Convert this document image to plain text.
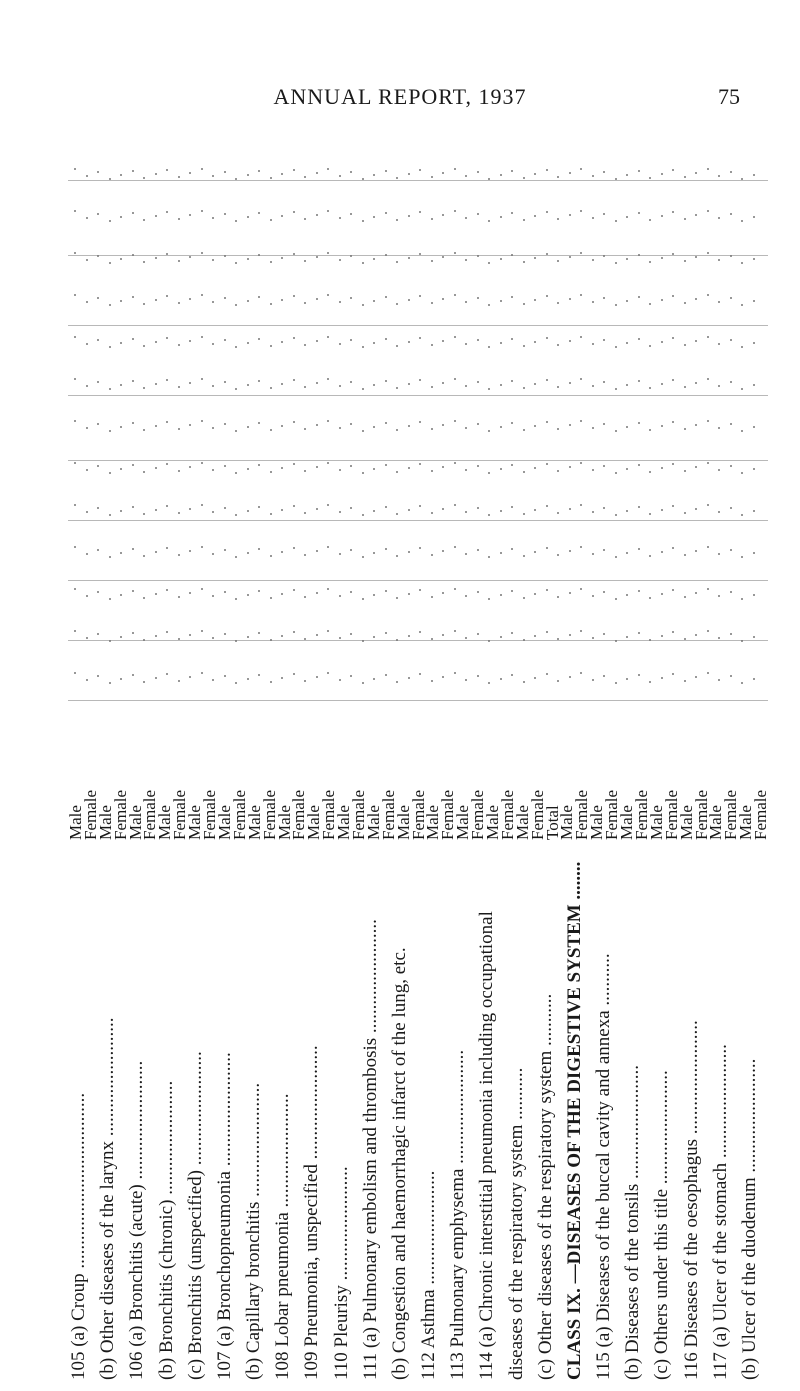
ANNUAL REPORT, 1937	75
105 (a) Croup ..................................... (b) Other diseases of the larynx ......................... 106 (a) Bronchitis (acute) ......................... (b) Bronchitis (chronic) ........................ (c) Bronchitis (unspecified) ........................ 107 (a) Bronchopneumonia ........................ (b) Capillary bronchitis ........................ 108 Lobar pneumonia ........................ 109 Pneumonia, unspecified ........................ 110 Pleurisy ........................ 111 (a) Pulmonary embolism and thrombosis ........................ (b) Congestion and haemorrhagic infarct of the lung, etc. 112 Asthma ........................ 113 Pulmonary emphysema ........................ 114 (a) Chronic interstitial pneumonia including occupational diseases of the respiratory system ........... (c) Other diseases of the respiratory system ........... CLASS IX. —DISEASES OF THE DIGESTIVE SYSTEM ........ 115 (a) Diseases of the buccal cavity and annexa ........... (b) Diseases of the tonsils ........................ (c) Others under this title ........................ 116 Diseases of the oesophagus ........................ 117 (a) Ulcer of the stomach ........................ (b) Ulcer of the duodenum ........................
Male
Female
Male
Female
Male
Female
Male
Female
Male
Female
Male
Female
Male
Female
Male
Female
Male
Female
Male
Female
Male
Female
Male
Female
Male
Female
Male
Female
Male
Female
Male
Female
Total
Male
Female
Male
Female
Male
Female
Male
Female
Male
Female
Male
Female
Male
Female
